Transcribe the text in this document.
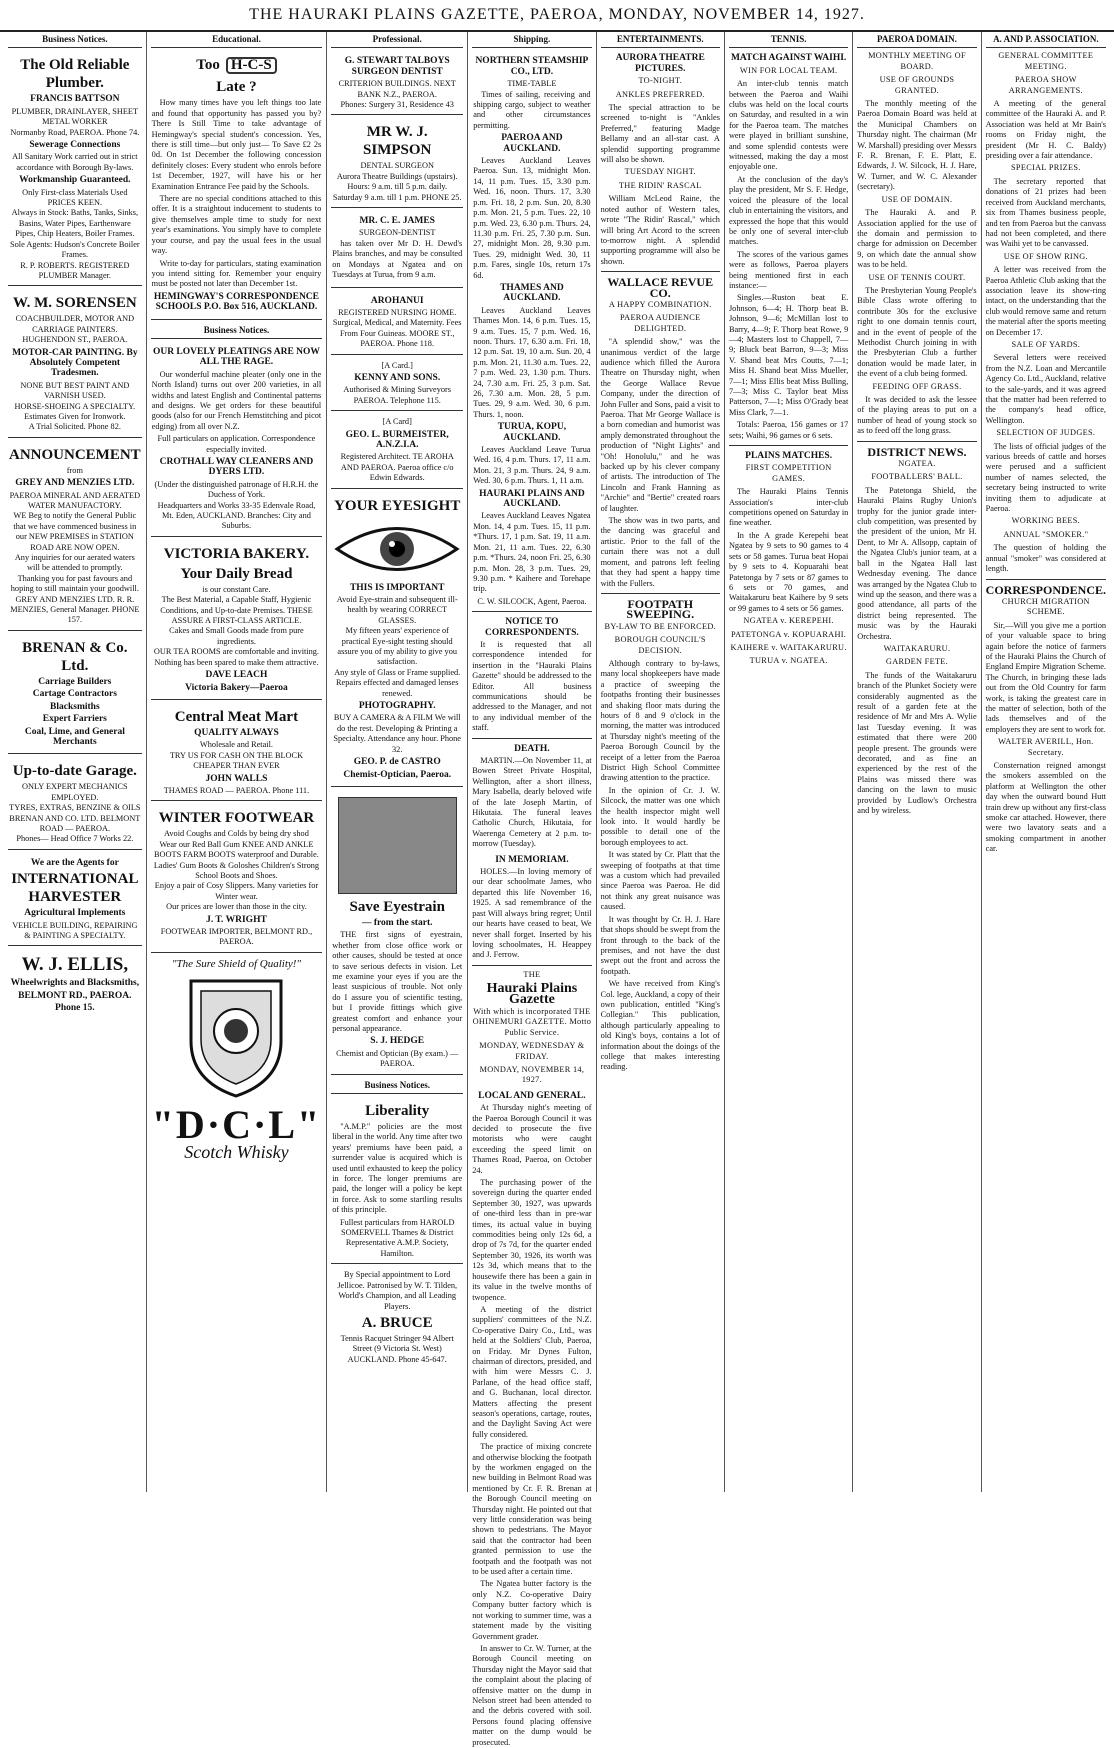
THE HAURAKI PLAINS GAZETTE, PAEROA, MONDAY, NOVEMBER 14, 1927.
Business Notices.
The Old Reliable Plumber.
FRANCIS BATTSON
PLUMBER, DRAINLAYER, SHEET METAL WORKER
Normanby Road, PAEROA. Phone 74.
Sewerage Connections
All Sanitary Work carried out in strict accordance with Borough By-laws.
Workmanship Guaranteed.
Only First-class Materials Used PRICES KEEN.
Always in Stock: Baths, Tanks, Sinks, Basins, Water Pipes, Earthenware Pipes, Chip Heaters, Boiler Frames.
Sole Agents: Hudson's Concrete Boiler Frames.
R. P. ROBERTS. REGISTERED PLUMBER Manager.
W. M. SORENSEN
COACHBUILDER, MOTOR AND CARRIAGE PAINTERS. HUGHENDON ST., PAEROA.
MOTOR-CAR PAINTING. By Absolutely Competent Tradesmen.
NONE BUT BEST PAINT AND VARNISH USED.
HORSE-SHOEING A SPECIALTY.
Estimates Given for Ironwork.
A Trial Solicited. Phone 82.
ANNOUNCEMENT
from
GREY AND MENZIES LTD.
PAEROA MINERAL AND AERATED WATER MANUFACTORY.
WE Beg to notify the General Public that we have commenced business in our NEW PREMISES in STATION ROAD ARE NOW OPEN.
Any inquiries for our aerated waters will be attended to promptly.
Thanking you for past favours and hoping to still maintain your goodwill.
GREY AND MENZIES LTD. R. R. MENZIES, General Manager. PHONE 157.
BRENAN & Co. Ltd.
Carriage Builders
Cartage Contractors
Blacksmiths
Expert Farriers
Coal, Lime, and General Merchants
Up-to-date Garage.
ONLY EXPERT MECHANICS EMPLOYED.
TYRES, EXTRAS, BENZINE & OILS
BRENAN AND CO. LTD. BELMONT ROAD — PAEROA.
Phones— Head Office 7 Works 22.
We are the Agents for
INTERNATIONAL HARVESTER
Agricultural Implements
VEHICLE BUILDING, REPAIRING & PAINTING A SPECIALTY.
W. J. ELLIS,
Wheelwrights and Blacksmiths,
BELMONT RD., PAEROA.
Phone 15.
Educational.
Too H-C-S
Late ?
How many times have you left things too late and found that opportunity has passed you by? There Is Still Time to take advantage of Hemingway's special student's concession. Yes, there is still time—but only just— To Save £2 2s 0d. On 1st December the following concession definitely closes: Every student who enrols before 1st December, 1927, will have his or her Examination Entrance Fee paid by the Schools.
There are no special conditions attached to this offer. It is a straightout inducement to students to give themselves ample time to study for next year's examinations. You simply have to complete your course, and pay the usual fees in the usual way.
Write to-day for particulars, stating examination you intend sitting for. Remember your enquiry must be posted not later than December 1st.
HEMINGWAY'S CORRESPONDENCE SCHOOLS P.O. Box 516, AUCKLAND.
Business Notices.
OUR LOVELY PLEATINGS ARE NOW ALL THE RAGE.
Our wonderful machine pleater (only one in the North Island) turns out over 200 varieties, in all widths and latest English and Continental patterns and designs. We get orders for these beautiful goods (also for our French Hemstitching and picot edging) from all over N.Z.
Full particulars on application. Correspondence especially invited.
CROTHALL WAY CLEANERS AND DYERS LTD.
(Under the distinguished patronage of H.R.H. the Duchess of York.
Headquarters and Works 33-35 Edenvale Road, Mt. Eden, AUCKLAND. Branches: City and Suburbs.
VICTORIA BAKERY.
Your Daily Bread
is our constant Care.
The Best Material, a Capable Staff, Hygienic Conditions, and Up-to-date Premises. THESE ASSURE A FIRST-CLASS ARTICLE.
Cakes and Small Goods made from pure ingredients.
OUR TEA ROOMS are comfortable and inviting. Nothing has been spared to make them attractive.
DAVE LEACH
Victoria Bakery—Paeroa
Central Meat Mart
QUALITY ALWAYS
Wholesale and Retail.
TRY US FOR CASH ON THE BLOCK CHEAPER THAN EVER
JOHN WALLS
THAMES ROAD — PAEROA. Phone 111.
WINTER FOOTWEAR
Avoid Coughs and Colds by being dry shod
Wear our Red Ball Gum KNEE AND ANKLE BOOTS FARM BOOTS waterproof and Durable. Ladies' Gum Boots & Goloshes Children's Strong School Boots and Shoes.
Enjoy a pair of Cosy Slippers. Many varieties for Winter wear.
Our prices are lower than those in the city.
J. T. WRIGHT
FOOTWEAR IMPORTER, BELMONT RD., PAEROA.
"The Sure Shield of Quality!"
"D·C·L"
Scotch Whisky
Professional.
G. STEWART TALBOYS SURGEON DENTIST
CRITERION BUILDINGS. NEXT BANK N.Z., PAEROA.
Phones: Surgery 31, Residence 43
MR W. J. SIMPSON
DENTAL SURGEON
Aurora Theatre Buildings (upstairs).
Hours: 9 a.m. till 5 p.m. daily. Saturday 9 a.m. till 1 p.m. PHONE 25.
MR. C. E. JAMES
SURGEON-DENTIST
has taken over Mr D. H. Dewd's Plains branches, and may be consulted on Mondays at Ngatea and on Tuesdays at Turua, from 9 a.m.
AROHANUI
REGISTERED NURSING HOME.
Surgical, Medical, and Maternity. Fees From Four Guineas. MOORE ST., PAEROA. Phone 118.
[A Card.]
KENNY AND SONS.
Authorised & Mining Surveyors PAEROA. Telephone 115.
[A Card]
GEO. L. BURMEISTER, A.N.Z.I.A.
Registered Architect. TE AROHA AND PAEROA. Paeroa office c/o Edwin Edwards.
YOUR EYESIGHT
THIS IS IMPORTANT
Avoid Eye-strain and subsequent ill-health by wearing CORRECT GLASSES.
My fifteen years' experience of practical Eye-sight testing should assure you of my ability to give you satisfaction.
Any style of Glass or Frame supplied. Repairs effected and damaged lenses renewed.
PHOTOGRAPHY.
BUY A CAMERA & A FILM We will do the rest. Developing & Printing a Specialty. Attendance any hour. Phone 32.
GEO. P. de CASTRO
Chemist-Optician, Paeroa.
Save Eyestrain
— from the start.
THE first signs of eyestrain, whether from close office work or other causes, should be tested at once to save serious defects in vision. Let me examine your eyes if you are the least suspicious of trouble. Not only do I assure you of scientific testing, but I provide fittings which give greatest comfort and enhance your personal appearance.
S. J. HEDGE
Chemist and Optician (By exam.) — PAEROA.
Business Notices.
Liberality
"A.M.P." policies are the most liberal in the world. Any time after two years' premiums have been paid, a surrender value is acquired which is used until exhausted to keep the policy in force. The longer premiums are paid, the longer will a policy be kept in force. Ask to some startling results of this principle.
Fullest particulars from HAROLD SOMERVELL Thames & District Representative A.M.P. Society, Hamilton.
By Special appointment to Lord Jellicoe. Patronised by W. T. Tilden, World's Champion, and all Leading Players.
A. BRUCE
Tennis Racquet Stringer 94 Albert Street (9 Victoria St. West) AUCKLAND. Phone 45-647.
Shipping.
NORTHERN STEAMSHIP CO., LTD.
TIME-TABLE
Times of sailing, receiving and shipping cargo, subject to weather and other circumstances permitting.
PAEROA AND AUCKLAND.
Leaves Auckland Leaves Paeroa. Sun. 13, midnight Mon. 14, 11 p.m. Tues. 15, 3.30 p.m. Wed. 16, noon. Thurs. 17, 3.30 p.m. Fri. 18, 2 p.m. Sun. 20, 8.30 p.m. Mon. 21, 5 p.m. Tues. 22, 10 p.m. Wed. 23, 6.30 p.m. Thurs. 24, 11.30 p.m. Fri. 25, 7.30 p.m. Sun. 27, midnight Mon. 28, 9.30 p.m. Tues. 29, midnight Wed. 30, 11 p.m. Fares, single 10s, return 17s 6d.
THAMES AND AUCKLAND.
Leaves Auckland Leaves Thames Mon. 14, 6 p.m. Tues. 15, 9 a.m. Tues. 15, 7 p.m. Wed. 16, noon. Thurs. 17, 6.30 a.m. Fri. 18, 12 p.m. Sat. 19, 10 a.m. Sun. 20, 4 p.m. Mon. 21, 11.30 a.m. Tues. 22, 7 p.m. Wed. 23, 1.30 p.m. Thurs. 24, 7.30 a.m. Fri. 25, 3 p.m. Sat. 26, 7.30 a.m. Mon. 28, 5 p.m. Tues. 29, 9 a.m. Wed. 30, 6 p.m. Thurs. 1, noon.
TURUA, KOPU, AUCKLAND.
Leaves Auckland Leave Turua Wed. 16, 4 p.m. Thurs. 17, 11 a.m. Mon. 21, 3 p.m. Thurs. 24, 9 a.m. Wed. 30, 6 p.m. Thurs. 1, 11 a.m.
HAURAKI PLAINS AND AUCKLAND.
Leaves Auckland Leaves Ngatea Mon. 14, 4 p.m. Tues. 15, 11 p.m. *Thurs. 17, 1 p.m. Sat. 19, 11 a.m. Mon. 21, 11 a.m. Tues. 22, 6.30 p.m. *Thurs. 24, noon Fri. 25, 6.30 p.m. Mon. 28, 3 p.m. Tues. 29, 9.30 p.m. * Kaihere and Torehape trip.
C. W. SILCOCK, Agent, Paeroa.
NOTICE TO CORRESPONDENTS.
It is requested that all correspondence intended for insertion in the "Hauraki Plains Gazette" should be addressed to the Editor. All business communications should be addressed to the Manager, and not to any individual member of the staff.
DEATH.
MARTIN.—On November 11, at Bowen Street Private Hospital, Wellington, after a short illness, Mary Isabella, dearly beloved wife of the late Joseph Martin, of Hikutaia. The funeral leaves Catholic Church, Hikutaia, for Waerenga Cemetery at 2 p.m. to-morrow (Tuesday).
IN MEMORIAM.
HOLES.—In loving memory of our dear schoolmate James, who departed this life November 16, 1925. A sad remembrance of the past Will always bring regret; Until our hearts have ceased to beat, We never shall forget. Inserted by his loving schoolmates, H. Heappey and J. Ferrow.
THE
Hauraki Plains Gazette
With which is incorporated THE OHINEMURI GAZETTE. Motto Public Service.
MONDAY, WEDNESDAY & FRIDAY.
MONDAY, NOVEMBER 14, 1927.
LOCAL AND GENERAL.
At Thursday night's meeting of the Paeroa Borough Council it was decided to prosecute the five motorists who were caught exceeding the speed limit on Thames Road, Paeroa, on October 24.
The purchasing power of the sovereign during the quarter ended September 30, 1927, was upwards of one-third less than in pre-war times, its actual value in buying commodities being only 12s 6d, a drop of 7s 7d, for the quarter ended September 30, 1926, its worth was 12s 3d, which means that to the housewife there has been a gain in its value in the twelve months of twopence.
A meeting of the district suppliers' committees of the N.Z. Co-operative Dairy Co., Ltd., was held at the Soldiers' Club, Paeroa, on Friday. Mr Dynes Fulton, chairman of directors, presided, and with him were Messrs C. J. Parlane, of the head office staff, and G. Buchanan, local director. Matters affecting the present season's operations, cartage, routes, and the Daylight Saving Act were fully considered.
The practice of mixing concrete and otherwise blocking the footpath by the workmen engaged on the new building in Belmont Road was mentioned by Cr. F. R. Brenan at the Borough Council meeting on Thursday night. He pointed out that very little consideration was being shown to pedestrians. The Mayor said that the contractor had been granted permission to use the footpath and the footpath was not to be used after a certain time.
The Ngatea butter factory is the only N.Z. Co-operative Dairy Company butter factory which is not working to summer time, was a statement made by the visiting Government grader.
In answer to Cr. W. Turner, at the Borough Council meeting on Thursday night the Mayor said that the complaint about the placing of offensive matter on the dump in Nelson street had been attended to and the debris covered with soil. Persons found placing offensive matter on the dump would be prosecuted.
ENTERTAINMENTS.
AURORA THEATRE PICTURES.
TO-NIGHT.
ANKLES PREFERRED.
The special attraction to be screened to-night is "Ankles Preferred," featuring Madge Bellamy and an all-star cast. A splendid supporting programme will also be shown.
TUESDAY NIGHT.
THE RIDIN' RASCAL
William McLeod Raine, the noted author of Western tales, wrote "The Ridin' Rascal," which will bring Art Acord to the screen to-morrow night. A splendid supporting programme will also be shown.
WALLACE REVUE CO.
A HAPPY COMBINATION.
PAEROA AUDIENCE DELIGHTED.
"A splendid show," was the unanimous verdict of the large audience which filled the Aurora Theatre on Thursday night, when the George Wallace Revue Company, under the direction of John Fuller and Sons, paid a visit to Paeroa. That Mr George Wallace is a born comedian and humorist was amply demonstrated throughout the production of "Night Lights" and "Oh! Honolulu," and he was backed up by his clever company of artists. The introduction of The Lincoln and Frank Hanning as "Archie" and "Bertie" created roars of laughter.
The show was in two parts, and the dancing was graceful and artistic. Prior to the fall of the curtain there was not a dull moment, and patrons left feeling that they had spent a happy time with the Fullers.
FOOTPATH SWEEPING.
BY-LAW TO BE ENFORCED.
BOROUGH COUNCIL'S DECISION.
Although contrary to by-laws, many local shopkeepers have made a practice of sweeping the footpaths fronting their businesses and shaking floor mats during the hours of 8 and 9 o'clock in the morning, the matter was introduced at Thursday night's meeting of the Paeroa Borough Council by the receipt of a letter from the Paeroa District High School Committee drawing attention to the practice.
In the opinion of Cr. J. W. Silcock, the matter was one which the health inspector might well look into. It would hardly be possible to detail one of the borough employees to act.
It was stated by Cr. Platt that the sweeping of footpaths at that time was a custom which had prevailed since Paeroa was Paeroa. He did not think any great nuisance was caused.
It was thought by Cr. H. J. Hare that shops should be swept from the front through to the back of the premises, and not have the dust swept out the front and across the footpath.
We have received from King's Col. lege, Auckland, a copy of their own publication, entitled "King's Collegian." This publication, although particularly appealing to old King's boys, contains a lot of information about the doings of the college that makes interesting reading.
TENNIS.
MATCH AGAINST WAIHI.
WIN FOR LOCAL TEAM.
An inter-club tennis match between the Paeroa and Waihi clubs was held on the local courts on Saturday, and resulted in a win for the Paeroa team. The matches were played in brilliant sunshine, and some splendid contests were witnessed, making the day a most enjoyable one.
At the conclusion of the day's play the president, Mr S. F. Hedge, voiced the pleasure of the local club in entertaining the visitors, and expressed the hope that this would be only one of several inter-club matches.
The scores of the various games were as follows, Paeroa players being mentioned first in each instance:—
Singles.—Ruston beat E. Johnson, 6—4; H. Thorp beat B. Johnson, 9—6; McMillan lost to Barry, 4—9; F. Thorp beat Rowe, 9—4; Masters lost to Chappell, 7—9; Bluck beat Barron, 9—3; Miss V. Shand beat Mrs Coutts, 7—1; Miss H. Shand beat Miss Mueller, 7—1; Miss Ellis beat Miss Bulling, 7—3; Miss C. Taylor beat Miss Patterson, 7—1; Miss O'Grady beat Miss Clark, 7—1.
Totals: Paeroa, 156 games or 17 sets; Waihi, 96 games or 6 sets.
PLAINS MATCHES.
FIRST COMPETITION GAMES.
The Hauraki Plains Tennis Association's inter-club competitions opened on Saturday in fine weather.
In the A grade Kerepehi beat Ngatea by 9 sets to 90 games to 4 sets or 58 games. Turua beat Hopai by 9 sets to 4. Kopuarahi beat Patetonga by 7 sets or 87 games to 6 sets or 70 games, and Waitakaruru beat Kaihere by 9 sets or 99 games to 4 sets or 56 games.
NGATEA v. KEREPEHI.
PATETONGA v. KOPUARAHI.
KAIHERE v. WAITAKARURU.
TURUA v. NGATEA.
PAEROA DOMAIN.
MONTHLY MEETING OF BOARD.
USE OF GROUNDS GRANTED.
The monthly meeting of the Paeroa Domain Board was held at the Municipal Chambers on Thursday night. The chairman (Mr W. Marshall) presiding over Messrs F. R. Brenan, F. E. Platt, E. Edwards, J. W. Silcock, H. J. Hare, W. Turner, and W. C. Alexander (secretary).
USE OF DOMAIN.
The Hauraki A. and P. Association applied for the use of the domain and permission to charge for admission on December 9, on which date the annual show was to be held.
USE OF TENNIS COURT.
The Presbyterian Young People's Bible Class wrote offering to contribute 30s for the exclusive right to one domain tennis court, and in the event of people of the Methodist Church joining in with the Presbyterian Club a further donation would be made later, in the event of a club being formed.
FEEDING OFF GRASS.
It was decided to ask the lessee of the playing areas to put on a number of head of young stock so as to feed off the long grass.
DISTRICT NEWS.
NGATEA.
FOOTBALLERS' BALL.
The Patetonga Shield, the Hauraki Plains Rugby Union's trophy for the junior grade inter-club competition, was presented by the president of the union, Mr H. Dent, to Mr A. Allsopp, captain of the Ngatea Club's junior team, at a ball in the Ngatea Hall last Wednesday evening. The dance was arranged by the Ngatea Club to wind up the season, and there was a good attendance, all parts of the district being represented. The music was by the Hauraki Orchestra.
WAITAKARURU.
GARDEN FETE.
The funds of the Waitakaruru branch of the Plunket Society were considerably augmented as the result of a garden fete at the residence of Mr and Mrs A. Wylie last Tuesday evening. It was estimated that there were 200 people present. The grounds were decorated, and as fine an experienced by the rest of the Plains was missed there was dancing on the lawn to music provided by Ludlow's Orchestra and by wireless.
A. AND P. ASSOCIATION.
GENERAL COMMITTEE MEETING.
PAEROA SHOW ARRANGEMENTS.
A meeting of the general committee of the Hauraki A. and P. Association was held at Mr Bain's rooms on Friday night, the president (Mr H. C. Baldy) presiding over a fair attendance.
SPECIAL PRIZES.
The secretary reported that donations of 21 prizes had been received from Auckland merchants, six from Thames business people, and ten from Paeroa but the canvass had not been completed, and there was Waihi yet to be canvassed.
USE OF SHOW RING.
A letter was received from the Paeroa Athletic Club asking that the association leave its show-ring intact, on the understanding that the club would remove same and return the material after the sports meeting on December 17.
SALE OF YARDS.
Several letters were received from the N.Z. Loan and Mercantile Agency Co. Ltd., Auckland, relative to the sale-yards, and it was agreed that the matter had been referred to the company's head office, Wellington.
SELECTION OF JUDGES.
The lists of official judges of the various breeds of cattle and horses were perused and a sufficient number of names selected, the secretary being instructed to write inviting them to adjudicate at Paeroa.
WORKING BEES.
ANNUAL "SMOKER."
The question of holding the annual "smoker" was considered at length.
CORRESPONDENCE.
CHURCH MIGRATION SCHEME.
Sir,—Will you give me a portion of your valuable space to bring again before the notice of farmers of the Hauraki Plains the Church of England Empire Migration Scheme. The Church, in bringing these lads out from the Old Country for farm work, is taking the greatest care in the matter of selection, both of the lads themselves and of the employers they are sent to work for.
WALTER AVERILL, Hon. Secretary.
Consternation reigned amongst the smokers assembled on the platform at Wellington the other day when the outward bound Hutt train drew up without any first-class smoke car attached. However, there were two lavatory seats and a smoking compartment in another car.
